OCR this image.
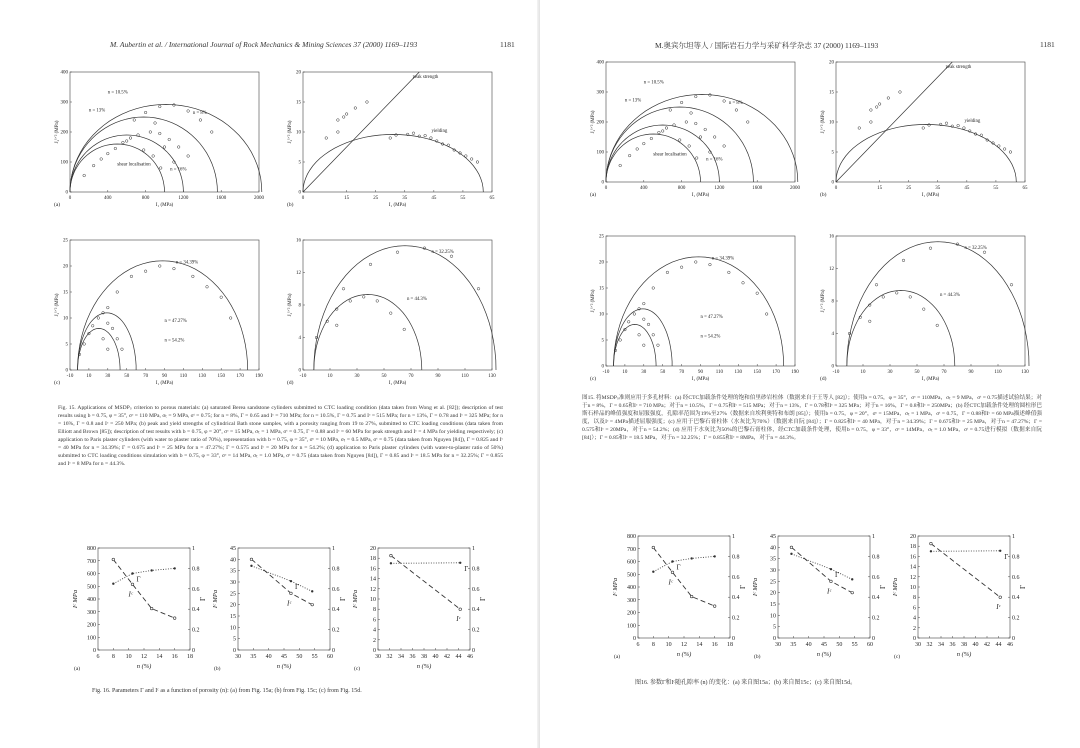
M. Aubertin et al. / International Journal of Rock Mechanics & Mining Sciences 37 (2000) 1169–1193	1181
0	400	800	1200	1600	2000
0
100
200
300
400
I₁ (MPa)
J₂¹ᐟ² (MPa)
(a)
n = 10.5%
n = 13%	n = 8%
shear localisation
n = 16%
0	15	25	35	45	55	65
0
5
10
15
20
I₁ (MPa)
J₂¹ᐟ² (MPa)
(b)
peak strength
yielding
-10	10	30	50	70	90	110 130 150 170 190
0
5
10
15
20
25
I₁ (MPa)
J₂¹ᐟ² (MPa)
(c)
n = 34.39%
n = 47.27%
n = 54.2%
-10	10	30	50	70	90	110	130
0
4
8
12
16
I₁ (MPa)
J₂¹ᐟ² (MPa)
(d)
n = 32.25%
n = 44.3%
Fig. 15. Applications of MSDPₛ criterion to porous materials: (a) saturated Berea sandstone cylinders submitted to CTC loading condition (data taken from Wong et al. [82]); description of test results using b = 0.75, φ = 35°, σᶜ = 110 MPa, σₜ = 9 MPa, σᵗ = 0.75; for n = 8%, Γ = 0.65 and Iᶜ = 710 MPa; for n = 10.5%, Γ = 0.75 and Iᶜ = 515 MPa; for n = 13%, Γ = 0.78 and Iᶜ = 325 MPa; for n = 16%, Γ = 0.8 and Iᶜ = 250 MPa; (b) peak and yield strengths of cylindrical Bath stone samples, with a porosity ranging from 19 to 27%, submitted to CTC loading conditions (data taken from Elliott and Brown [85]); description of test results with b = 0.75, φ = 20°, σᶜ = 15 MPa, σₜ = 1 MPa, σᵗ = 0.75, Γ = 0.88 and Iᶜ = 60 MPa for peak strength and Iᶜ = 4 MPa for yielding respectively; (c) application to Paris plaster cylinders (with water to plaster ratio of 70%), representation with b = 0.75, φ = 35°, σᶜ = 10 MPa, σₜ = 0.5 MPa, σᵗ = 0.75 (data taken from Nguyen [84]), Γ = 0.825 and Iᶜ = 40 MPa for n = 34.39%; Γ = 0.675 and Iᶜ = 25 MPa for n = 47.27%; Γ = 0.575 and Iᶜ = 20 MPa for n = 54.2%; (d) application to Paris plaster cylinders (with water-to-plaster ratio of 50%) submitted to CTC loading conditions simulation with b = 0.75, φ = 33°, σᶜ = 14 MPa, σₜ = 1.0 MPa, σᵗ = 0.75 (data taken from Nguyen [84]), Γ = 0.85 and Iᶜ = 18.5 MPa for n = 32.25%; Γ = 0.855 and Iᶜ = 8 MPa for n = 44.3%.
6 8 10 12 14 16 18
0
100
200
300
400
500
600
700
800
0
0.2
0.4
0.6
0.8
1
n (%)
Iᶜ MPa	Γ
(a)
Γ
Iᶜ
30 35 40 45 50 55 60
0
5
10
15
20
25
30
35
40
45
0
0.2
0.4
0.6
0.8
1
n (%)
Iᶜ MPa	Γ
(b)
Γ
Iᶜ
30 32 34 36 38 40 42 44 46
0
2
4
6
8
10
12
14
16
18
20
0
0.2
0.4
0.6
0.8
1
n (%)
Iᶜ MPa	Γ
(c)
Γ
Iᶜ
Fig. 16. Parameters Γ and Iᶜ as a function of porosity (n): (a) from Fig. 15a; (b) from Fig. 15c; (c) from Fig. 15d.
M.奥宾尔坦等人 / 国际岩石力学与采矿科学杂志 37 (2000) 1169–1193	1181
0	400	800	1200	1600	2000
0
100
200
300
400
I₁ (MPa)
J₂¹ᐟ² (MPa)
(a)
n = 10.5%
n = 13%	n = 8%
shear localisation
n = 16%
0	15	25	35	45	55	65
0
5
10
15
20
I₁ (MPa)
J₂¹ᐟ² (MPa)
(b)
peak strength
yielding
-10	10	30	50	70	90	110 130 150 170 190
0
5
10
15
20
25
I₁ (MPa)
J₂¹ᐟ² (MPa)
(c)
n = 34.39%
n = 47.27%
n = 54.2%
-10	10	30	50	70	90	110	130
0
4
8
12
16
I₁ (MPa)
J₂¹ᐟ² (MPa)
(d)
n = 32.25%
n = 44.3%
图15. 将MSDPₛ准则应用于多孔材料：(a) 经CTC加载条件处理的饱和伯里砂岩柱体（数据来自于王等人 [82]）；使用b = 0.75，φ = 35°，σᶜ = 110MPa，σₜ = 9 MPa，σᵗ = 0.75描述试验结果；对于n = 8%，Γ = 0.65和Iᶜ = 710 MPa；对于n = 10.5%，Γ = 0.75和Iᶜ = 515 MPa；对于n = 13%，Γ = 0.78和Iᶜ = 325 MPa；对于n = 16%，Γ = 0.8和Iᶜ = 250MPa；(b) 经CTC加载条件处理的圆柱形巴斯石样品的峰值强度和屈服强度，孔隙率范围为19%至27%（数据来自埃利奥特和布朗 [85]）；使用b = 0.75，φ = 20°，σᶜ = 15MPa，σₜ = 1 MPa，σᵗ = 0.75，Γ = 0.88和Iᶜ = 60 MPa描述峰值强度，以及Iᶜ = 4MPa描述屈服强度；(c) 应用于巴黎石膏柱体（水灰比为70%）（数据来自阮 [84]）；Γ = 0.825和Iᶜ = 40 MPa，对于n = 34.39%；Γ = 0.675和Iᶜ = 25 MPa，对于n = 47.27%；Γ = 0.575和Iᶜ = 20MPa，对于n = 54.2%；(d) 应用于水灰比为50%的巴黎石膏柱体，经CTC加载条件处理，使用b = 0.75，φ = 33°，σᶜ = 14MPa，σₜ = 1.0 MPa，σᵗ = 0.75进行模拟（数据来自阮 [84]）；Γ = 0.85和Iᶜ = 18.5 MPa，对于n = 32.25%；Γ = 0.855和Iᶜ = 8MPa，对于n = 44.3%。
6 8 10 12 14 16 18
0
100
200
300
400
500
600
700
800
0
0.2
0.4
0.6
0.8
1
n (%)
Iᶜ MPa	Γ
(a)
Γ
Iᶜ
30 35 40 45 50 55 60
0
5
10
15
20
25
30
35
40
45
0
0.2
0.4
0.6
0.8
1
n (%)
Iᶜ MPa	Γ
(b)
Γ
Iᶜ
30 32 34 36 38 40 42 44 46
0
2
4
6
8
10
12
14
16
18
20
0
0.2
0.4
0.6
0.8
1
n (%)
Iᶜ MPa	Γ
(c)
Γ
Iᶜ
图16. 参数Γ和Iᶜ随孔隙率 (n) 的变化：(a) 来自图15a；(b) 来自图15c；(c) 来自图15d。
